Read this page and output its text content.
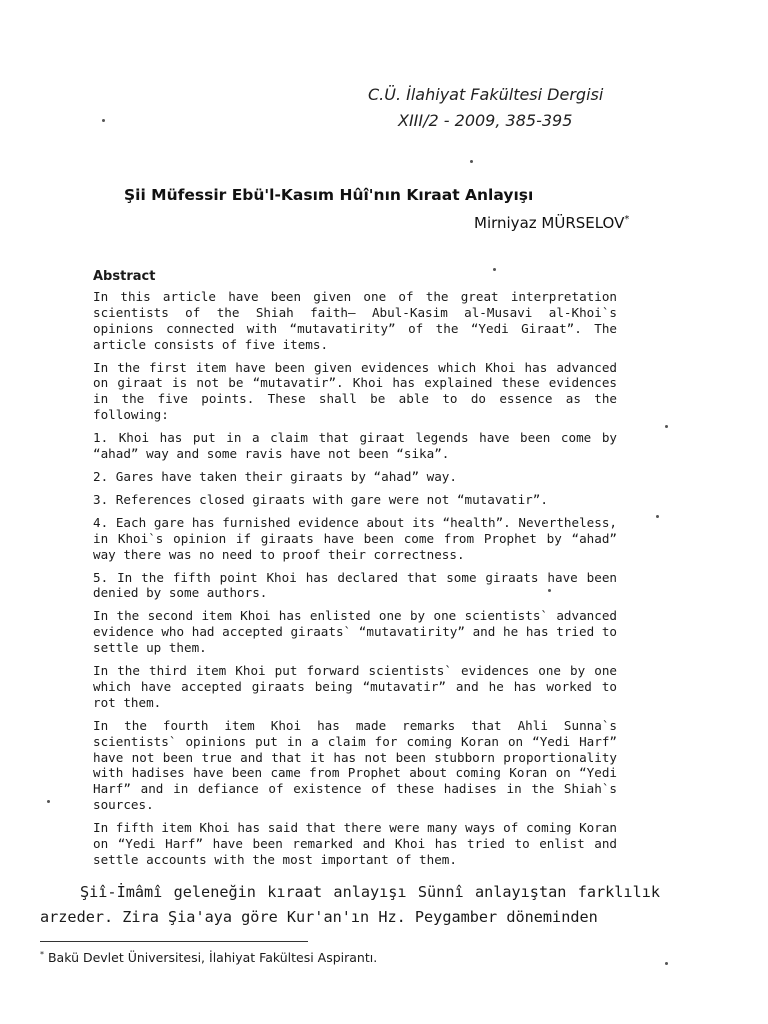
C.Ü. İlahiyat Fakültesi Dergisi
XIII/2 - 2009, 385-395
Şii Müfessir Ebü'l-Kasım Hûî'nın Kıraat Anlayışı
Mirniyaz MÜRSELOV*
Abstract

In this article have been given one of the great interpretation scientists of the Shiah faith– Abul-Kasim al-Musavi al-Khoi`s opinions connected with “mutavatirity” of the “Yedi Giraat”. The article consists of five items.

In the first item have been given evidences which Khoi has advanced on giraat is not be “mutavatir”. Khoi has explained these evidences in the five points. These shall be able to do essence as the following:

1. Khoi has put in a claim that giraat legends have been come by “ahad” way and some ravis have not been “sika”.

2. Gares have taken their giraats by “ahad” way.

3. References closed giraats with gare were not “mutavatir”.

4. Each gare has furnished evidence about its “health”. Nevertheless, in Khoi`s opinion if giraats have been come from Prophet by “ahad” way there was no need to proof their correctness.

5. In the fifth point Khoi has declared that some giraats have been denied by some authors.

In the second item Khoi has enlisted one by one scientists` advanced evidence who had accepted giraats` “mutavatirity” and he has tried to settle up them.

In the third item Khoi put forward scientists` evidences one by one which have accepted giraats being “mutavatir” and he has worked to rot them.

In the fourth item Khoi has made remarks that Ahli Sunna`s scientists` opinions put in a claim for coming Koran on “Yedi Harf” have not been true and that it has not been stubborn proportionality with hadises have been came from Prophet about coming Koran on “Yedi Harf” and in defiance of existence of these hadises in the Shiah`s sources.

In fifth item Khoi has said that there were many ways of coming Koran on “Yedi Harf” have been remarked and Khoi has tried to enlist and settle accounts with the most important of them.

Şiî-İmâmî geleneğin kıraat anlayışı Sünnî anlayıştan farklılık arzeder. Zira Şia'aya göre Kur'an'ın Hz. Peygamber döneminden
* Bakü Devlet Üniversitesi, İlahiyat Fakültesi Aspirantı.
